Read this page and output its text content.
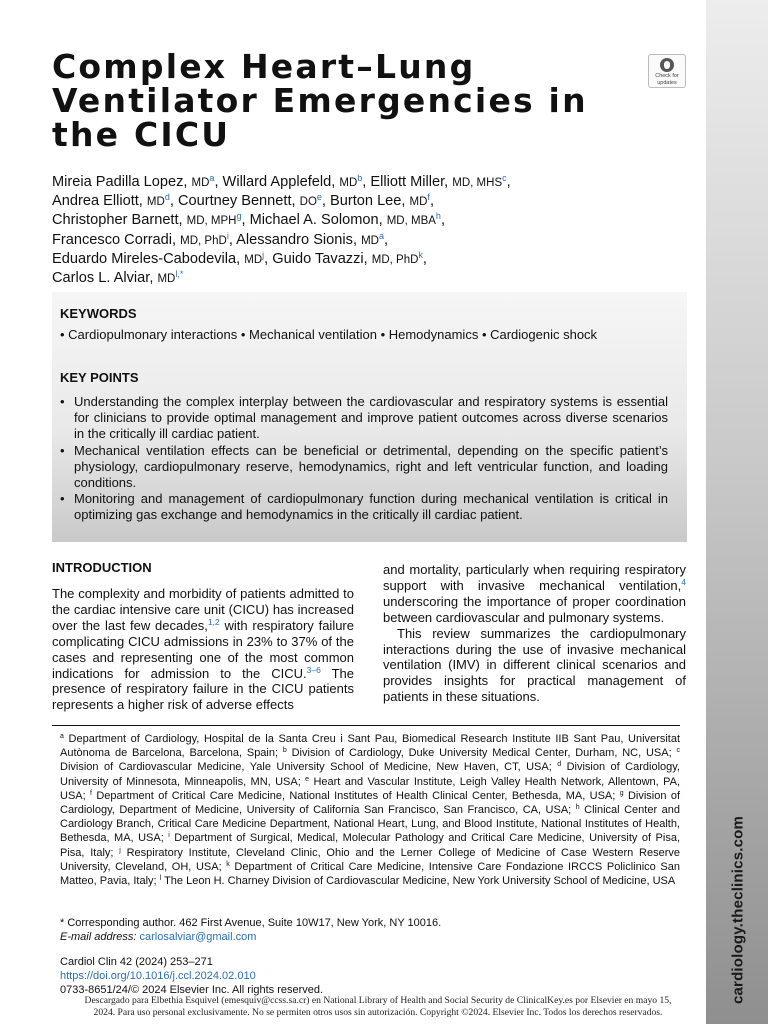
cardiology.theclinics.com
Complex Heart–Lung Ventilator Emergencies in the CICU
Check for
updates
Mireia Padilla Lopez, $MD^a$, Willard Applefeld, $MD^b$, Elliott Miller, MD, MHS$^c$,
Andrea Elliott, $MD^d$, Courtney Bennett, $DO^e$, Burton Lee, $MD^f$,
Christopher Barnett, MD, MPH$^g$, Michael A. Solomon, MD, MBA$^h$,
Francesco Corradi, MD, PhD$^i$, Alessandro Sionis, $MD^a$,
Eduardo Mireles-Cabodevila, $MD^j$, Guido Tavazzi, MD, PhD$^k$,
Carlos L. Alviar, $MD^{l,*}$
KEYWORDS
• Cardiopulmonary interactions • Mechanical ventilation • Hemodynamics • Cardiogenic shock
KEY POINTS
• Understanding the complex interplay between the cardiovascular and respiratory systems is essential for clinicians to provide optimal management and improve patient outcomes across diverse scenarios in the critically ill cardiac patient.
• Mechanical ventilation effects can be beneficial or detrimental, depending on the specific patient’s physiology, cardiopulmonary reserve, hemodynamics, right and left ventricular function, and loading conditions.
• Monitoring and management of cardiopulmonary function during mechanical ventilation is critical in optimizing gas exchange and hemodynamics in the critically ill cardiac patient.
INTRODUCTION

The complexity and morbidity of patients admitted to the cardiac intensive care unit (CICU) has increased over the last few decades,$^{1,2}$ with respiratory failure complicating CICU admissions in 23% to 37% of the cases and representing one of the most common indications for admission to the CICU.$^{3-6}$ The presence of respiratory failure in the CICU patients represents a higher risk of adverse effects

and mortality, particularly when requiring respiratory support with invasive mechanical ventilation,$^4$ underscoring the importance of proper coordination between cardiovascular and pulmonary systems.

This review summarizes the cardiopulmonary interactions during the use of invasive mechanical ventilation (IMV) in different clinical scenarios and provides insights for practical management of patients in these situations.

$^a$ Department of Cardiology, Hospital de la Santa Creu i Sant Pau, Biomedical Research Institute IIB Sant Pau, Universitat Autònoma de Barcelona, Barcelona, Spain; $^b$ Division of Cardiology, Duke University Medical Center, Durham, NC, USA; $^c$ Division of Cardiovascular Medicine, Yale University School of Medicine, New Haven, CT, USA; $^d$ Division of Cardiology, University of Minnesota, Minneapolis, MN, USA; $^e$ Heart and Vascular Institute, Leigh Valley Health Network, Allentown, PA, USA; $^f$ Department of Critical Care Medicine, National Institutes of Health Clinical Center, Bethesda, MA, USA; $^g$ Division of Cardiology, Department of Medicine, University of California San Francisco, San Francisco, CA, USA; $^h$ Clinical Center and Cardiology Branch, Critical Care Medicine Department, National Heart, Lung, and Blood Institute, National Institutes of Health, Bethesda, MA, USA; $^i$ Department of Surgical, Medical, Molecular Pathology and Critical Care Medicine, University of Pisa, Pisa, Italy; $^j$ Respiratory Institute, Cleveland Clinic, Ohio and the Lerner College of Medicine of Case Western Reserve University, Cleveland, OH, USA; $^k$ Department of Critical Care Medicine, Intensive Care Fondazione IRCCS Policlinico San Matteo, Pavia, Italy; $^l$ The Leon H. Charney Division of Cardiovascular Medicine, New York University School of Medicine, USA
* Corresponding author. 462 First Avenue, Suite 10W17, New York, NY 10016.
E-mail address: carlosalviar@gmail.com
Cardiol Clin 42 (2024) 253–271
https://doi.org/10.1016/j.ccl.2024.02.010
0733-8651/24/© 2024 Elsevier Inc. All rights reserved.
Descargado para Elbethia Esquivel (emesquiv@ccss.sa.cr) en National Library of Health and Social Security de ClinicalKey.es por Elsevier en mayo 15,
2024. Para uso personal exclusivamente. No se permiten otros usos sin autorización. Copyright ©2024. Elsevier Inc. Todos los derechos reservados.
